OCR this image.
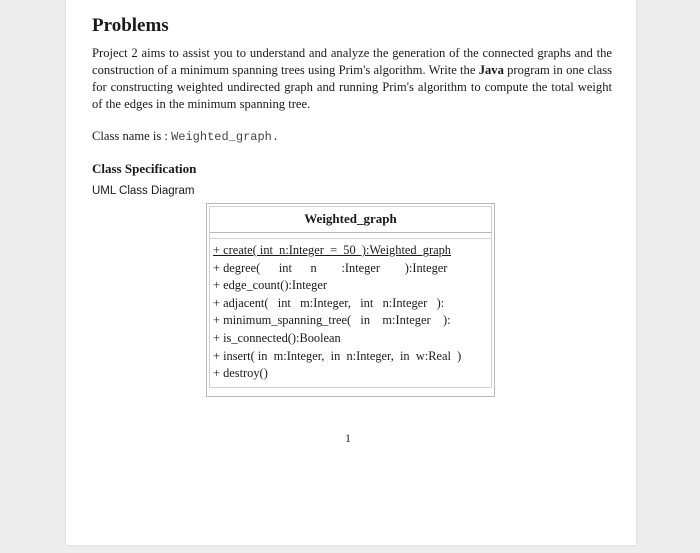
Problems

Project 2 aims to assist you to understand and analyze the generation of the connected graphs and the construction of a minimum spanning trees using Prim's algorithm. Write the Java program in one class for constructing weighted undirected graph and running Prim's algorithm to compute the total weight of the edges in the minimum spanning tree.

Class name is : Weighted_graph.

Class Specification

UML Class Diagram

Weighted_graph

+ create( int  n:Integer  =  50  ):Weighted_graph

+ degree(      int      n        :Integer        ):Integer

+ edge_count():Integer

+ adjacent(   int   m:Integer,   int   n:Integer   ):

+ minimum_spanning_tree(   in    m:Integer    ):

+ is_connected():Boolean

+ insert( in  m:Integer,  in  n:Integer,  in  w:Real  )

+ destroy()

1
